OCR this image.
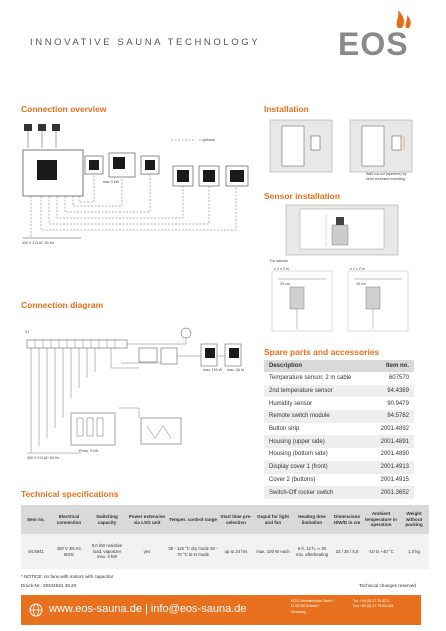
INNOVATIVE SAUNA TECHNOLOGY EOS
Connection overview	Installation
Sensor installation
Connection diagram
Spare parts and accessories
Technical specifications
= optional
max 3 kW
400 V 3 N AC 50 Hz
Wall cut-out (aperture) by semi-recessed mounting
For saunas
≥ 2 x 2 m	≥ 2 x 2 m
25 cm	15 cm
X1
Pmax. 9 kW
400 V 3 N AC 50 Hz
max. 100 W max. 3A M
Description	Item no.
Temperature sensor, 2 m cable	607570
2nd temperature sensor	94.4389
Humidity sensor	90.9479
Remote switch module	94.5782
Button strip	2001.4892
Housing (upper side)	2001.4891
Housing (bottom side)	2001.4890
Display cover 1 (front)	2001.4913
Cover 2 (buttons)	2001.4915
Switch-Off rocker switch	2001.3652
Item no.	Electrical connection	Switching capacity	Power extension via LSG unit	Temper. control range	Start time pre-selection	Ouput for light and fan	Heating time limitation	Dimensions H/W/D in cm	Ambient temperature in operation	Weight without packing
94.5841	400 V 3N AC 50Hz	9,0 kW resistive load, vaporizer max. 3 kW	yes	30 - 115 °C dry mode 30 - 70 °C bi-O mode	up to 24 hrs	max. 100 W each	6 h, 12 h, ∞ 30 min. afterheating	22 / 25 / 5,8	-10 to +40 °C	1,0 kg
* NOTICE: no fans with motors with capacitor
Druck-Nr.: 29344631 49.20	Technical changes reserved
www.eos-sauna.de | info@eos-sauna.de
EOS Saunatechnik GmbH
D-35759 Driedorf
Germany
Tel. +49 (0) 27 75 82-0
Fax +49 (0) 27 75 82-431
